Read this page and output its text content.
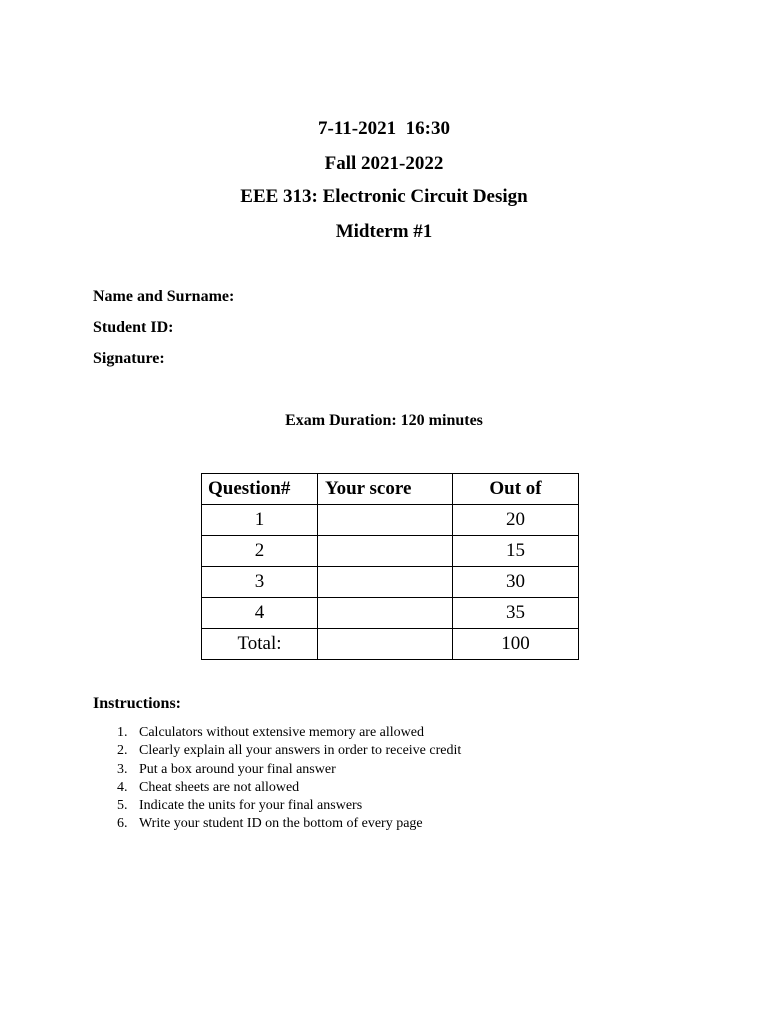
7-11-2021  16:30
Fall 2021-2022
EEE 313: Electronic Circuit Design
Midterm #1
Name and Surname:
Student ID:
Signature:
Exam Duration: 120 minutes
Question#	Your score	Out of
1		20
2		15
3		30
4		35
Total:		100
Instructions:
1. Calculators without extensive memory are allowed
2. Clearly explain all your answers in order to receive credit
3. Put a box around your final answer
4. Cheat sheets are not allowed
5. Indicate the units for your final answers
6. Write your student ID on the bottom of every page
